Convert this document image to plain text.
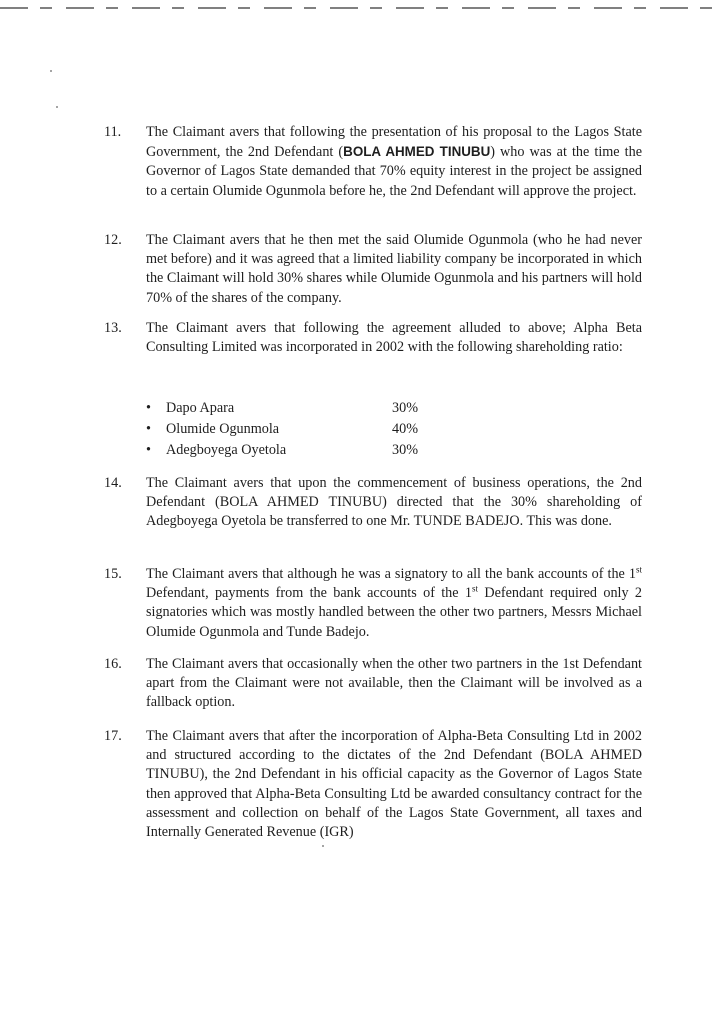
11. The Claimant avers that following the presentation of his proposal to the Lagos State Government, the 2nd Defendant (BOLA AHMED TINUBU) who was at the time the Governor of Lagos State demanded that 70% equity interest in the project be assigned to a certain Olumide Ogunmola before he, the 2nd Defendant will approve the project.
12. The Claimant avers that he then met the said Olumide Ogunmola (who he had never met before) and it was agreed that a limited liability company be incorporated in which the Claimant will hold 30% shares while Olumide Ogunmola and his partners will hold 70% of the shares of the company.
13. The Claimant avers that following the agreement alluded to above; Alpha Beta Consulting Limited was incorporated in 2002 with the following shareholding ratio:
• Dapo Apara	30%
• Olumide Ogunmola	40%
• Adegboyega Oyetola	30%
14. The Claimant avers that upon the commencement of business operations, the 2nd Defendant (BOLA AHMED TINUBU) directed that the 30% shareholding of Adegboyega Oyetola be transferred to one Mr. TUNDE BADEJO. This was done.
15. The Claimant avers that although he was a signatory to all the bank accounts of the 1st Defendant, payments from the bank accounts of the 1st Defendant required only 2 signatories which was mostly handled between the other two partners, Messrs Michael Olumide Ogunmola and Tunde Badejo.
16. The Claimant avers that occasionally when the other two partners in the 1st Defendant apart from the Claimant were not available, then the Claimant will be involved as a fallback option.
17. The Claimant avers that after the incorporation of Alpha-Beta Consulting Ltd in 2002 and structured according to the dictates of the 2nd Defendant (BOLA AHMED TINUBU), the 2nd Defendant in his official capacity as the Governor of Lagos State then approved that Alpha-Beta Consulting Ltd be awarded consultancy contract for the assessment and collection on behalf of the Lagos State Government, all taxes and Internally Generated Revenue (IGR)
